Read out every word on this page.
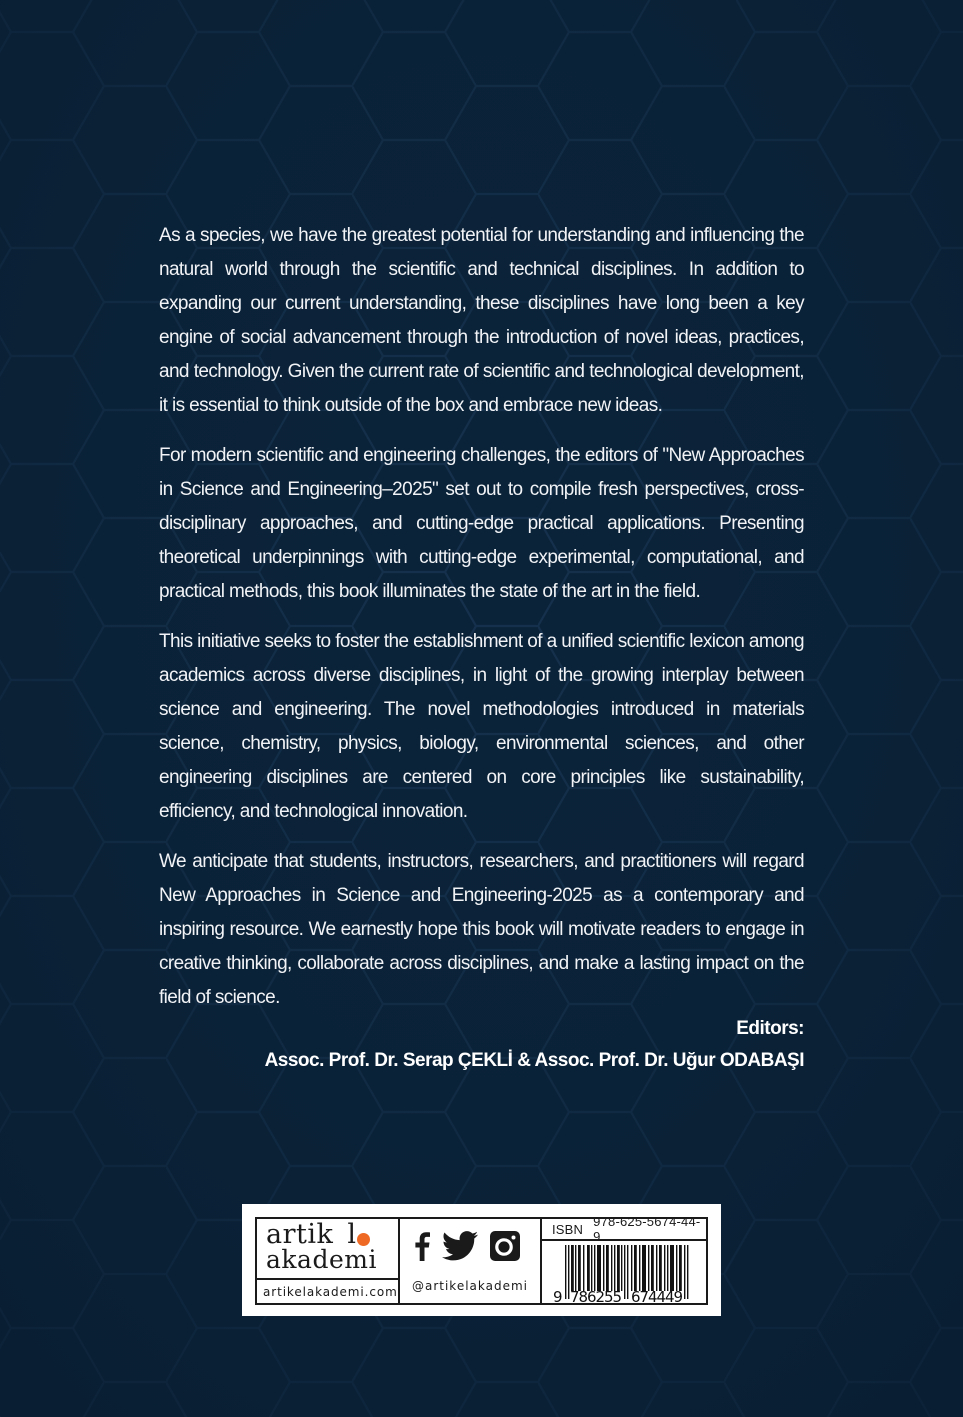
As a species, we have the greatest potential for understanding and influencing the natural world through the scientific and technical disciplines. In addition to expanding our current understanding, these disciplines have long been a key engine of social advancement through the introduction of novel ideas, practices, and technology. Given the current rate of scientific and technological development, it is essential to think outside of the box and embrace new ideas.

For modern scientific and engineering challenges, the editors of "New Approaches in Science and Engineering–2025" set out to compile fresh perspectives, cross-disciplinary approaches, and cutting-edge practical applications. Presenting theoretical underpinnings with cutting-edge experimental, computational, and practical methods, this book illuminates the state of the art in the field.

This initiative seeks to foster the establishment of a unified scientific lexicon among academics across diverse disciplines, in light of the growing interplay between science and engineering. The novel methodologies introduced in materials science, chemistry, physics, biology, environmental sciences, and other engineering disciplines are centered on core principles like sustainability, efficiency, and technological innovation.

We anticipate that students, instructors, researchers, and practitioners will regard New Approaches in Science and Engineering-2025 as a contemporary and inspiring resource. We earnestly hope this book will motivate readers to engage in creative thinking, collaborate across disciplines, and make a lasting impact on the field of science.

Editors:
Assoc. Prof. Dr. Serap ÇEKLİ & Assoc. Prof. Dr. Uğur ODABAŞI
artik l
akademi
artikelakademi.com	@artikelakademi
ISBN 978-625-5674-44-9
9 786255 674449
